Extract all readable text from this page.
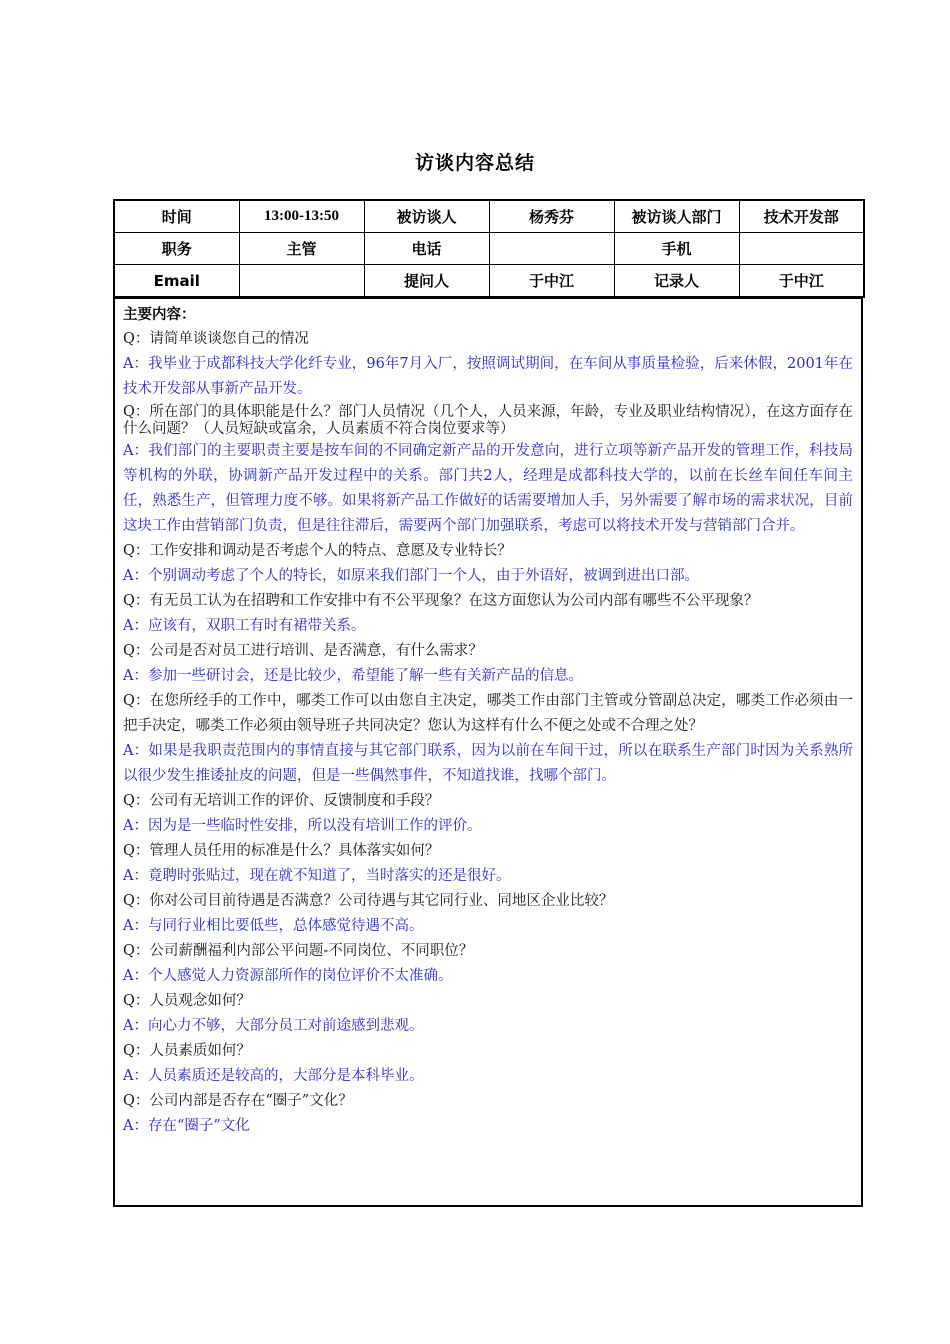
访谈内容总结
时间	13:00-13:50	被访谈人	杨秀芬	被访谈人部门	技术开发部
职务	主管	电话		手机	
Email		提问人	于中江	记录人	于中江
主要内容：

Q：请简单谈谈您自己的情况

A：我毕业于成都科技大学化纤专业，96年7月入厂，按照调试期间，在车间从事质量检验，后来休假，2001年在技术开发部从事新产品开发。

Q：所在部门的具体职能是什么？部门人员情况（几个人，人员来源，年龄，专业及职业结构情况），在这方面存在什么问题？（人员短缺或富余，人员素质不符合岗位要求等）

A：我们部门的主要职责主要是按车间的不同确定新产品的开发意向，进行立项等新产品开发的管理工作，科技局等机构的外联，协调新产品开发过程中的关系。部门共2人，经理是成都科技大学的，以前在长丝车间任车间主任，熟悉生产，但管理力度不够。如果将新产品工作做好的话需要增加人手，另外需要了解市场的需求状况，目前这块工作由营销部门负责，但是往往滞后，需要两个部门加强联系，考虑可以将技术开发与营销部门合并。

Q：工作安排和调动是否考虑个人的特点、意愿及专业特长？

A：个别调动考虑了个人的特长，如原来我们部门一个人，由于外语好，被调到进出口部。

Q：有无员工认为在招聘和工作安排中有不公平现象？在这方面您认为公司内部有哪些不公平现象？

A：应该有，双职工有时有裙带关系。

Q：公司是否对员工进行培训、是否满意，有什么需求？

A：参加一些研讨会，还是比较少，希望能了解一些有关新产品的信息。

Q：在您所经手的工作中，哪类工作可以由您自主决定，哪类工作由部门主管或分管副总决定，哪类工作必须由一把手决定，哪类工作必须由领导班子共同决定？您认为这样有什么不便之处或不合理之处？

A：如果是我职责范围内的事情直接与其它部门联系，因为以前在车间干过，所以在联系生产部门时因为关系熟所以很少发生推诿扯皮的问题，但是一些偶然事件，不知道找谁，找哪个部门。

Q：公司有无培训工作的评价、反馈制度和手段？

A：因为是一些临时性安排，所以没有培训工作的评价。

Q：管理人员任用的标准是什么？具体落实如何？

A：竟聘时张贴过，现在就不知道了，当时落实的还是很好。

Q：你对公司目前待遇是否满意？公司待遇与其它同行业、同地区企业比较？

A：与同行业相比要低些，总体感觉待遇不高。

Q：公司薪酬福利内部公平问题-不同岗位、不同职位？

A：个人感觉人力资源部所作的岗位评价不太准确。

Q：人员观念如何？

A：向心力不够，大部分员工对前途感到悲观。

Q：人员素质如何？

A：人员素质还是较高的，大部分是本科毕业。

Q：公司内部是否存在“圈子”文化？

A：存在“圈子”文化
